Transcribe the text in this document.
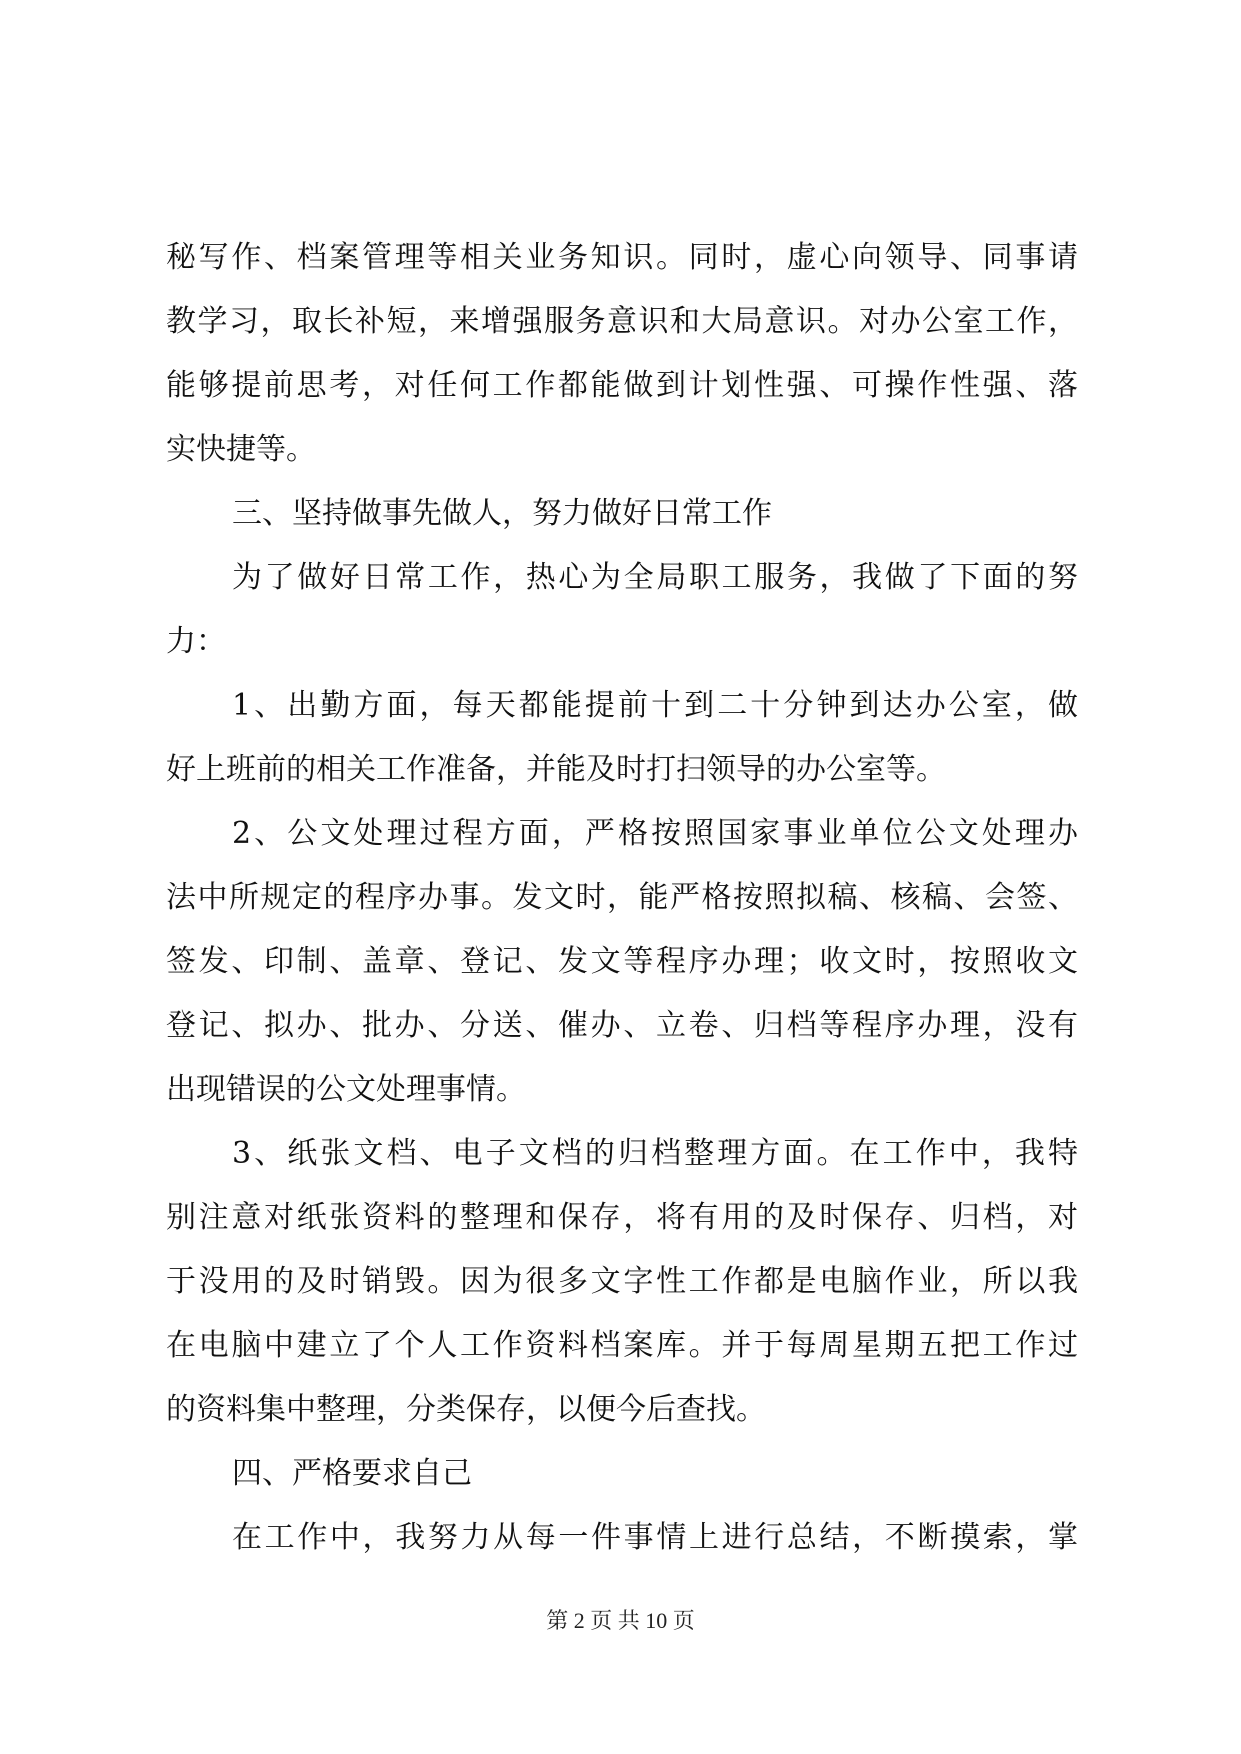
秘写作、档案管理等相关业务知识。同时，虚心向领导、同事请
教学习，取长补短，来增强服务意识和大局意识。对办公室工作，
能够提前思考，对任何工作都能做到计划性强、可操作性强、落
实快捷等。
三、坚持做事先做人，努力做好日常工作
为了做好日常工作，热心为全局职工服务，我做了下面的努
力：
1、出勤方面，每天都能提前十到二十分钟到达办公室，做
好上班前的相关工作准备，并能及时打扫领导的办公室等。
2、公文处理过程方面，严格按照国家事业单位公文处理办
法中所规定的程序办事。发文时，能严格按照拟稿、核稿、会签、
签发、印制、盖章、登记、发文等程序办理；收文时，按照收文
登记、拟办、批办、分送、催办、立卷、归档等程序办理，没有
出现错误的公文处理事情。
3、纸张文档、电子文档的归档整理方面。在工作中，我特
别注意对纸张资料的整理和保存，将有用的及时保存、归档，对
于没用的及时销毁。因为很多文字性工作都是电脑作业，所以我
在电脑中建立了个人工作资料档案库。并于每周星期五把工作过
的资料集中整理，分类保存，以便今后查找。
四、严格要求自己
在工作中，我努力从每一件事情上进行总结，不断摸索，掌
第 2 页 共 10 页
